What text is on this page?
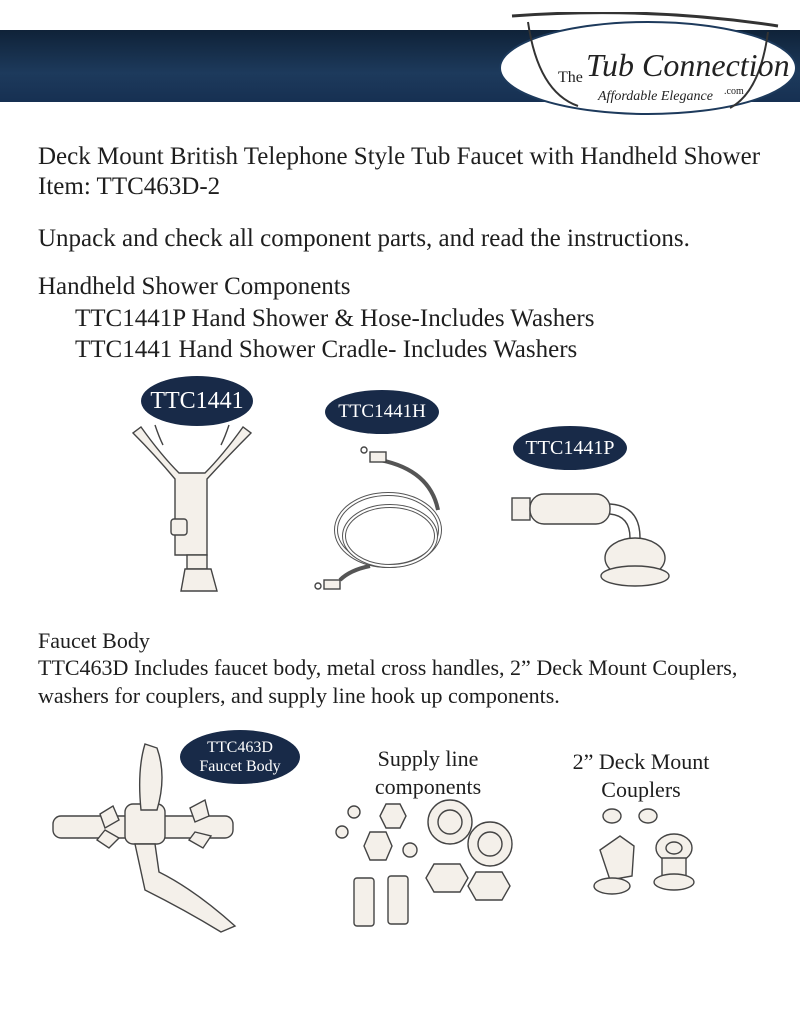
The Tub Connection
.com
Affordable Elegance
Deck Mount British Telephone Style Tub Faucet with Handheld Shower
Item: TTC463D-2
Unpack and check all component parts, and read the instructions.
Handheld Shower Components
TTC1441P Hand Shower & Hose-Includes Washers
TTC1441 Hand Shower Cradle- Includes Washers
TTC1441	TTC1441H
TTC1441P
Faucet Body
TTC463D Includes faucet body, metal cross handles, 2” Deck Mount Couplers,
washers for couplers, and supply line hook up components.
TTC463D
Faucet Body	Supply line
components
2” Deck Mount
Couplers
